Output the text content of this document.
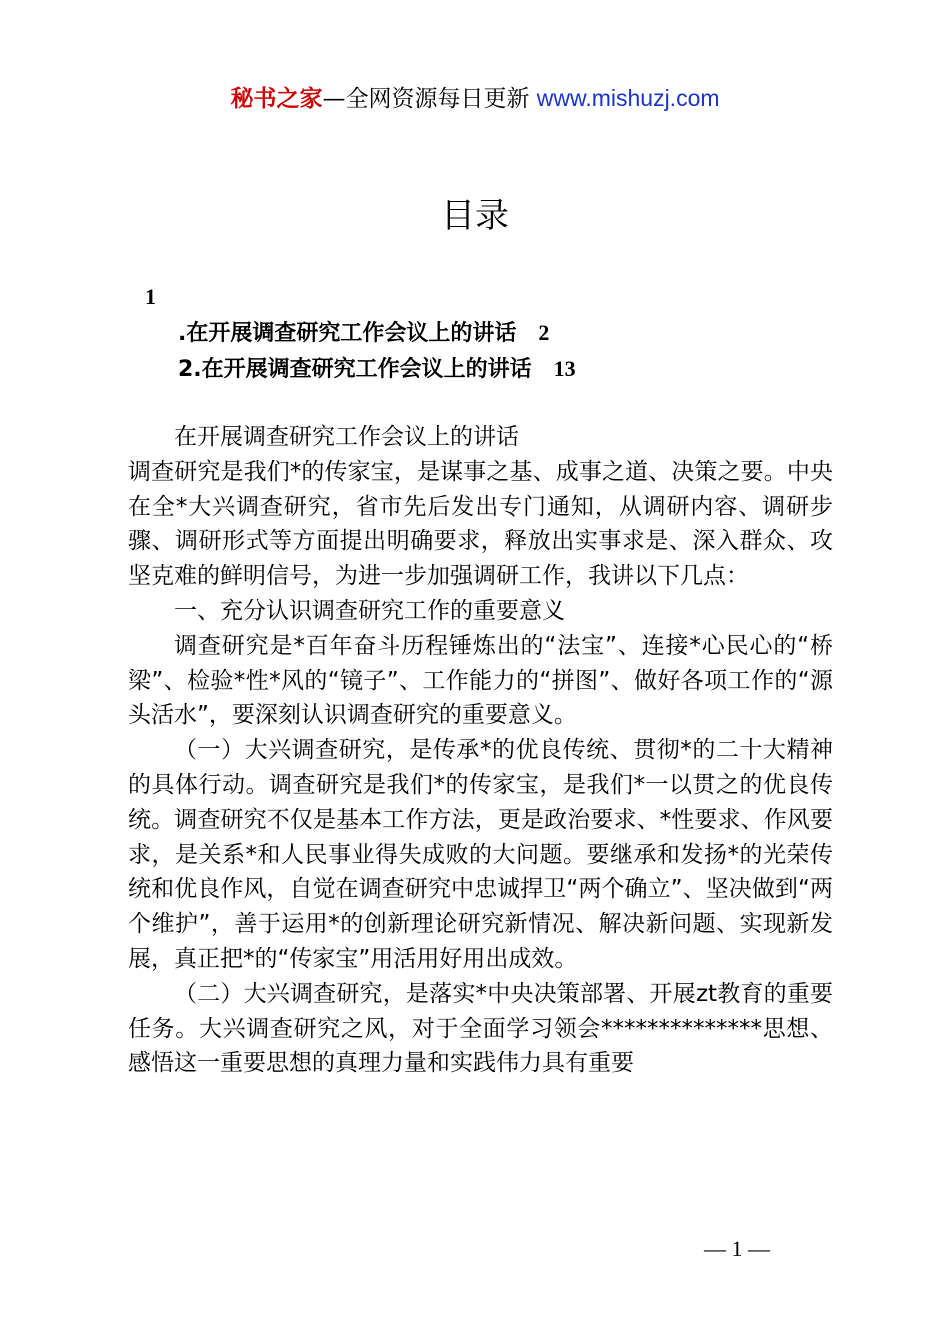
秘书之家—全网资源每日更新 www.mishuzj.com
目录
1
.在开展调查研究工作会议上的讲话 2
2.在开展调查研究工作会议上的讲话 13

在开展调查研究工作会议上的讲话

调查研究是我们*的传家宝，是谋事之基、成事之道、决策之要。中央在全*大兴调查研究，省市先后发出专门通知，从调研内容、调研步骤、调研形式等方面提出明确要求，释放出实事求是、深入群众、攻坚克难的鲜明信号，为进一步加强调研工作，我讲以下几点：

一、充分认识调查研究工作的重要意义

调查研究是*百年奋斗历程锤炼出的“法宝”、连接*心民心的“桥梁”、检验*性*风的“镜子”、工作能力的“拼图”、做好各项工作的“源头活水”，要深刻认识调查研究的重要意义。

（一）大兴调查研究，是传承*的优良传统、贯彻*的二十大精神的具体行动。调查研究是我们*的传家宝，是我们*一以贯之的优良传统。调查研究不仅是基本工作方法，更是政治要求、*性要求、作风要求，是关系*和人民事业得失成败的大问题。要继承和发扬*的光荣传统和优良作风，自觉在调查研究中忠诚捍卫“两个确立”、坚决做到“两个维护”，善于运用*的创新理论研究新情况、解决新问题、实现新发展，真正把*的“传家宝”用活用好用出成效。

（二）大兴调查研究，是落实*中央决策部署、开展zt教育的重要任务。大兴调查研究之风，对于全面学习领会**************思想、感悟这一重要思想的真理力量和实践伟力具有重要

— 1 —
